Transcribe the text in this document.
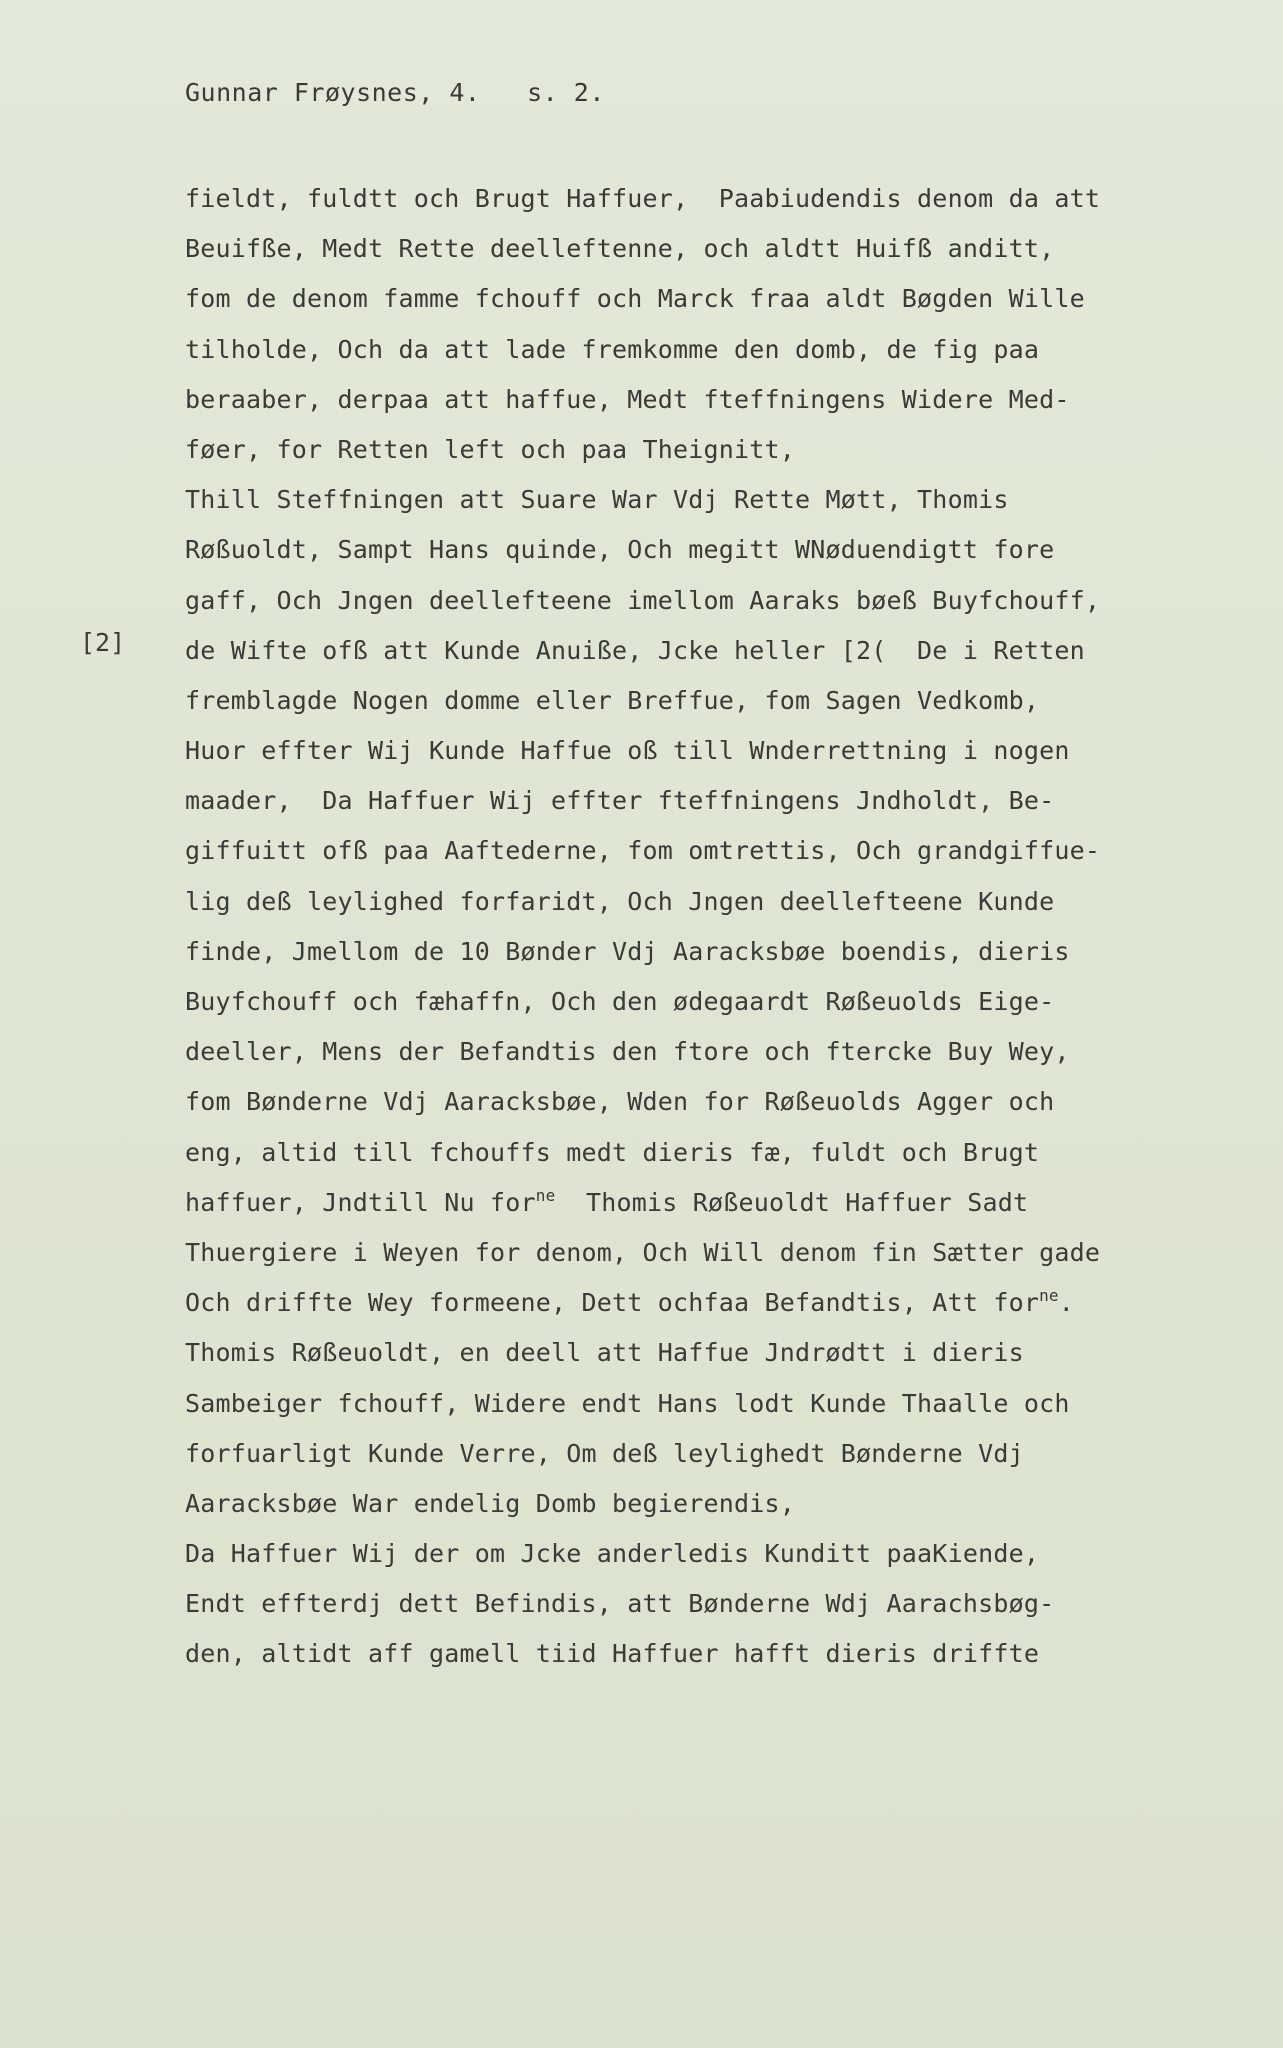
Gunnar Frøysnes, 4.   s. 2.
[2]
fieldt, fuldtt och Brugt Haffuer,  Paabiudendis denom da att
Beuifße, Medt Rette deelleftenne, och aldtt Huifß anditt,
fom de denom famme fchouff och Marck fraa aldt Bøgden Wille
tilholde, Och da att lade fremkomme den domb, de fig paa
beraaber, derpaa att haffue, Medt fteffningens Widere Med-
føer, for Retten left och paa Theignitt,
Thill Steffningen att Suare War Vdj Rette Møtt, Thomis
Røßuoldt, Sampt Hans quinde, Och megitt WNøduendigtt fore
gaff, Och Jngen deellefteene imellom Aaraks bøeß Buyfchouff,
de Wifte ofß att Kunde Anuiße, Jcke heller [2(  De i Retten
fremblagde Nogen domme eller Breffue, fom Sagen Vedkomb,
Huor effter Wij Kunde Haffue oß till Wnderrettning i nogen
maader,  Da Haffuer Wij effter fteffningens Jndholdt, Be-
giffuitt ofß paa Aaftederne, fom omtrettis, Och grandgiffue-
lig deß leylighed forfaridt, Och Jngen deellefteene Kunde
finde, Jmellom de 10 Bønder Vdj Aaracksbøe boendis, dieris
Buyfchouff och fæhaffn, Och den ødegaardt Røßeuolds Eige-
deeller, Mens der Befandtis den ftore och ftercke Buy Wey,
fom Bønderne Vdj Aaracksbøe, Wden for Røßeuolds Agger och
eng, altid till fchouffs medt dieris fæ, fuldt och Brugt
haffuer, Jndtill Nu for$^{ne}$  Thomis Røßeuoldt Haffuer Sadt
Thuergiere i Weyen for denom, Och Will denom fin Sætter gade
Och driffte Wey formeene, Dett ochfaa Befandtis, Att for$^{ne}$.
Thomis Røßeuoldt, en deell att Haffue Jndrødtt i dieris
Sambeiger fchouff, Widere endt Hans lodt Kunde Thaalle och
forfuarligt Kunde Verre, Om deß leylighedt Bønderne Vdj
Aaracksbøe War endelig Domb begierendis,
Da Haffuer Wij der om Jcke anderledis Kunditt paaKiende,
Endt effterdj dett Befindis, att Bønderne Wdj Aarachsbøg-
den, altidt aff gamell tiid Haffuer hafft dieris driffte
